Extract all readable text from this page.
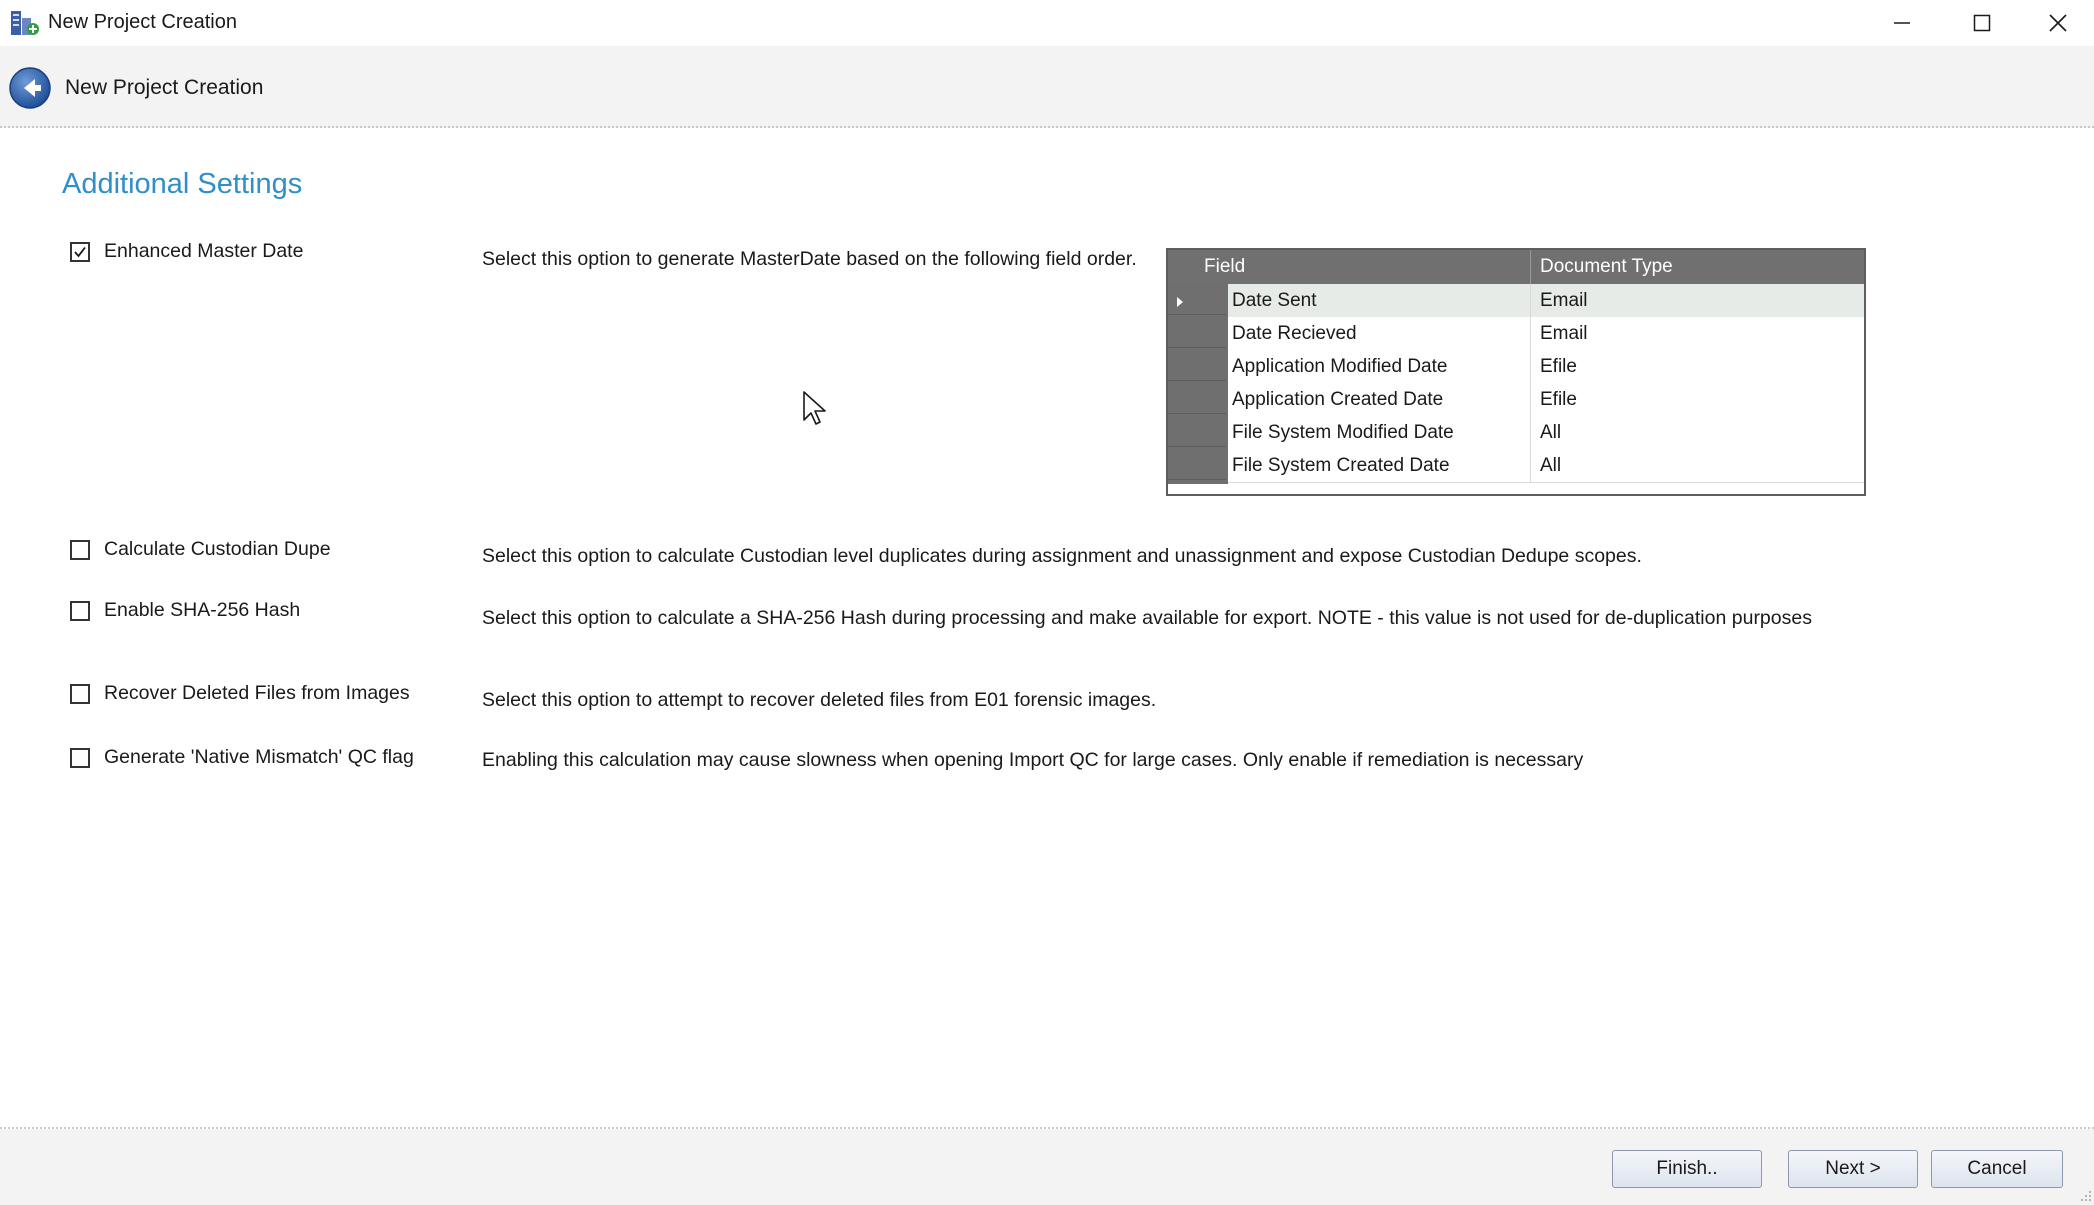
New Project Creation
New Project Creation
Additional Settings
Enhanced Master Date	Select this option to generate MasterDate based on the following field order.
Calculate Custodian Dupe	Select this option to calculate Custodian level duplicates during assignment and unassignment and expose Custodian Dedupe scopes.
Enable SHA-256 Hash	Select this option to calculate a SHA-256 Hash during processing and make available for export. NOTE - this value is not used for de-duplication purposes
Recover Deleted Files from Images	Select this option to attempt to recover deleted files from E01 forensic images.
Generate 'Native Mismatch' QC flag	Enabling this calculation may cause slowness when opening Import QC for large cases. Only enable if remediation is necessary
Field	Document Type
Date Sent	Email
Date Recieved	Email
Application Modified Date	Efile
Application Created Date	Efile
File System Modified Date	All
File System Created Date	All
Finish..	Next >	Cancel
